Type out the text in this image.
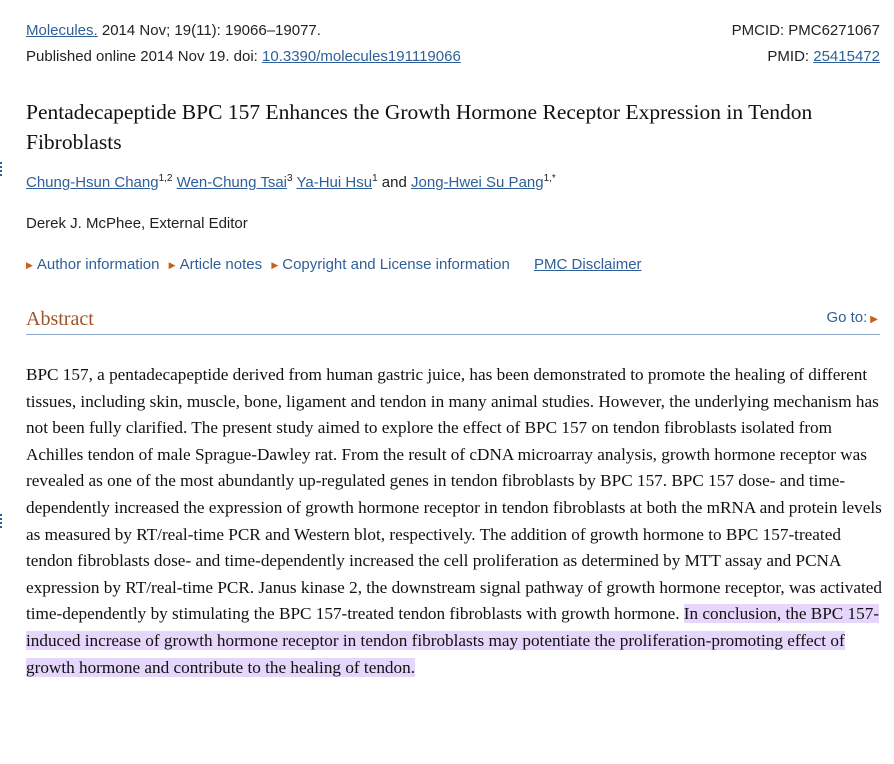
Molecules. 2014 Nov; 19(11): 19066–19077.	PMCID: PMC6271067
Published online 2014 Nov 19. doi: 10.3390/molecules191119066	PMID: 25415472
Pentadecapeptide BPC 157 Enhances the Growth Hormone Receptor Expression in Tendon Fibroblasts
Chung-Hsun Chang$^{1,2}$ Wen-Chung Tsai$^3$ Ya-Hui Hsu$^1$ and Jong-Hwei Su Pang$^{1,*}$
Derek J. McPhee, External Editor
▶ Author information ▶ Article notes ▶ Copyright and License information PMC Disclaimer
Abstract	Go to: ▶

BPC 157, a pentadecapeptide derived from human gastric juice, has been demonstrated to promote the healing of different tissues, including skin, muscle, bone, ligament and tendon in many animal studies. However, the underlying mechanism has not been fully clarified. The present study aimed to explore the effect of BPC 157 on tendon fibroblasts isolated from Achilles tendon of male Sprague-Dawley rat. From the result of cDNA microarray analysis, growth hormone receptor was revealed as one of the most abundantly up-regulated genes in tendon fibroblasts by BPC 157. BPC 157 dose- and time-dependently increased the expression of growth hormone receptor in tendon fibroblasts at both the mRNA and protein levels as measured by RT/real-time PCR and Western blot, respectively. The addition of growth hormone to BPC 157-treated tendon fibroblasts dose- and time-dependently increased the cell proliferation as determined by MTT assay and PCNA expression by RT/real-time PCR. Janus kinase 2, the downstream signal pathway of growth hormone receptor, was activated time-dependently by stimulating the BPC 157-treated tendon fibroblasts with growth hormone. In conclusion, the BPC 157-induced increase of growth hormone receptor in tendon fibroblasts may potentiate the proliferation-promoting effect of growth hormone and contribute to the healing of tendon.
